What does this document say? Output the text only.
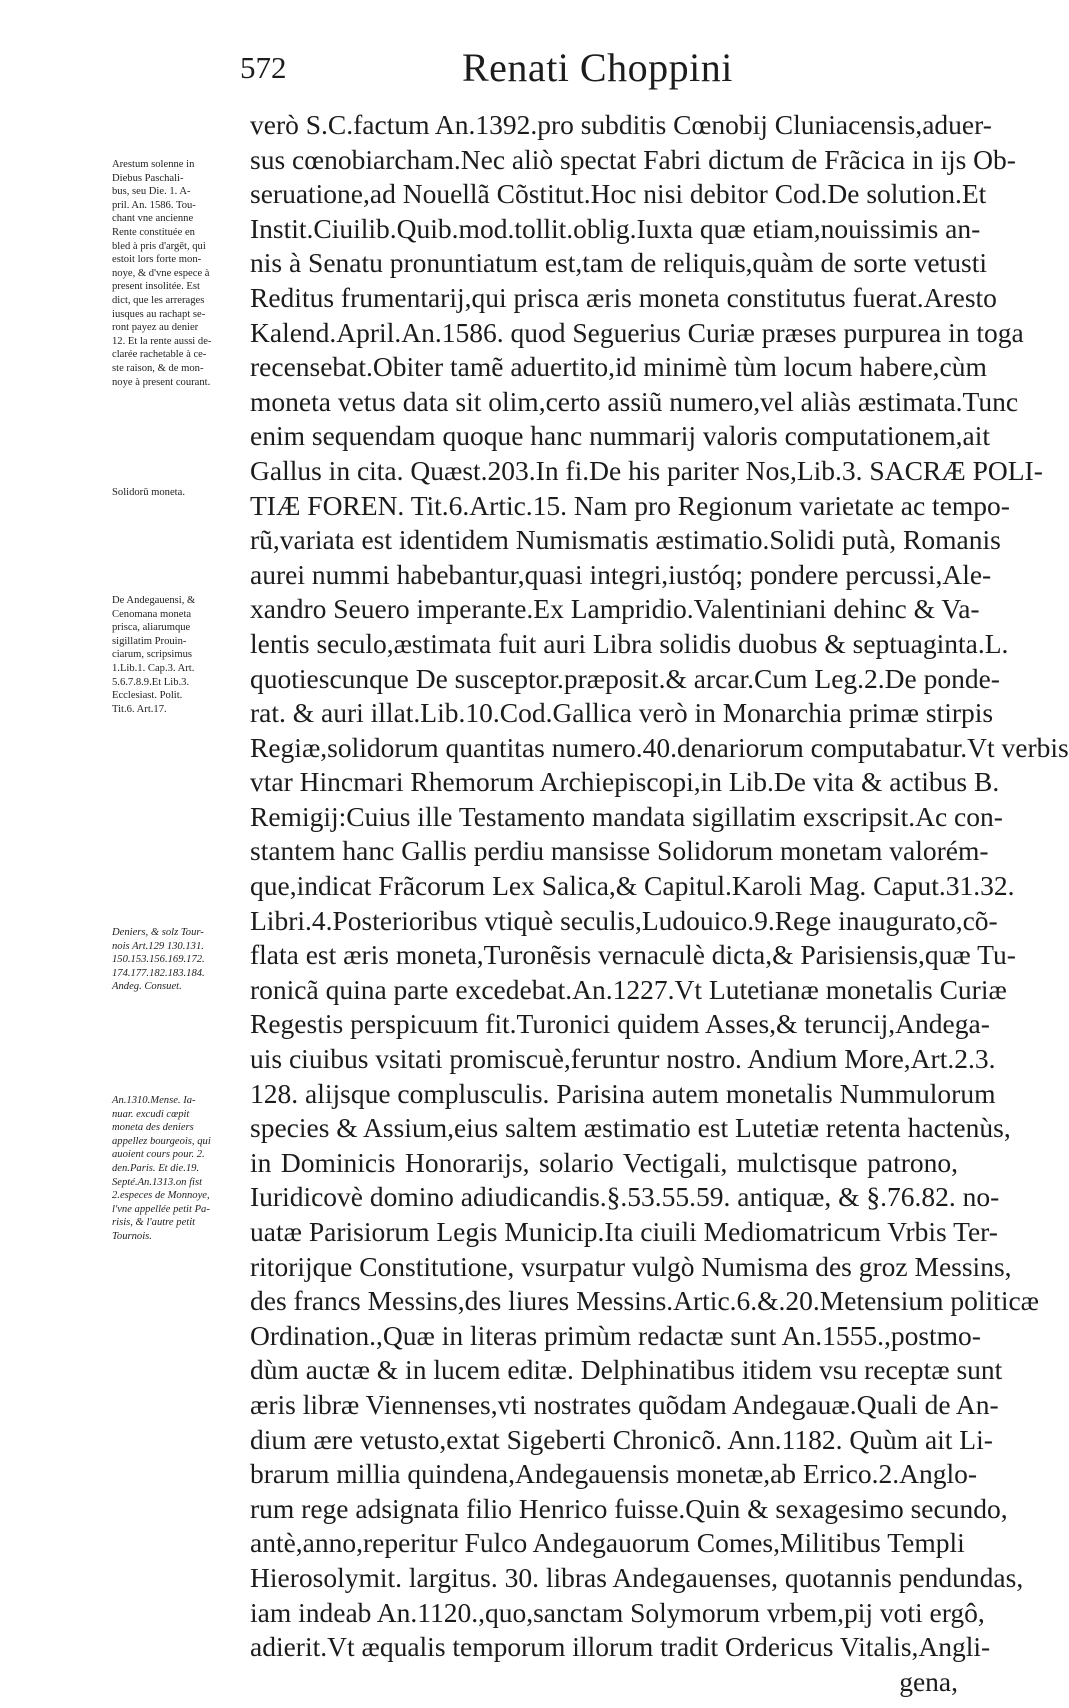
572	Renati Choppini
Arestum solenne in
Diebus Paschali-
bus, seu Die. 1. A-
pril. An. 1586. Tou-
chant vne ancienne
Rente constituée en
bled à pris d'argēt, qui
estoit lors forte mon-
noye, & d'vne espece à
present insolitée. Est
dict, que les arrerages
iusques au rachapt se-
ront payez au denier
12. Et la rente aussi de-
clarée rachetable à ce-
ste raison, & de mon-
noye à present courant.
Solidorū moneta.
De Andegauensi, &
Cenomana moneta
prisca, aliarumque
sigillatim Prouin-
ciarum, scripsimus
1.Lib.1. Cap.3. Art.
5.6.7.8.9.Et Lib.3.
Ecclesiast. Polit.
Tit.6. Art.17.
Deniers, & solz Tour-
nois Art.129 130.131.
150.153.156.169.172.
174.177.182.183.184.
Andeg. Consuet.
An.1310.Mense. Ia-
nuar. excudi cœpit
moneta des deniers
appellez bourgeois, qui
auoient cours pour. 2.
den.Paris. Et die.19.
Septé.An.1313.on fist
2.especes de Monnoye,
l'vne appellée petit Pa-
risis, & l'autre petit
Tournois.
verò S.C.factum An.1392.pro subditis Cœnobij Cluniacensis,aduer-
sus cœnobiarcham.Nec aliò spectat Fabri dictum de Frãcica in ijs Ob-
seruatione,ad Nouellã Cõstitut.Hoc nisi debitor Cod.De solution.Et
Instit.Ciuilib.Quib.mod.tollit.oblig.Iuxta quæ etiam,nouissimis an-
nis à Senatu pronuntiatum est,tam de reliquis,quàm de sorte vetusti
Reditus frumentarij,qui prisca æris moneta constitutus fuerat.Aresto
Kalend.April.An.1586. quod Seguerius Curiæ præses purpurea in toga
recensebat.Obiter tamẽ aduertito,id minimè tùm locum habere,cùm
moneta vetus data sit olim,certo assiũ numero,vel aliàs æstimata.Tunc
enim sequendam quoque hanc nummarij valoris computationem,ait
Gallus in cita. Quæst.203.In fi.De his pariter Nos,Lib.3. SACRÆ POLI-
TIÆ FOREN. Tit.6.Artic.15. Nam pro Regionum varietate ac tempo-
rũ,variata est identidem Numismatis æstimatio.Solidi putà, Romanis
aurei nummi habebantur,quasi integri,iustóq; pondere percussi,Ale-
xandro Seuero imperante.Ex Lampridio.Valentiniani dehinc & Va-
lentis seculo,æstimata fuit auri Libra solidis duobus & septuaginta.L.
quotiescunque De susceptor.præposit.& arcar.Cum Leg.2.De ponde-
rat. & auri illat.Lib.10.Cod.Gallica verò in Monarchia primæ stirpis
Regiæ,solidorum quantitas numero.40.denariorum computabatur.Vt verbis
vtar Hincmari Rhemorum Archiepiscopi,in Lib.De vita & actibus B.
Remigij:Cuius ille Testamento mandata sigillatim exscripsit.Ac con-
stantem hanc Gallis perdiu mansisse Solidorum monetam valorém-
que,indicat Frãcorum Lex Salica,& Capitul.Karoli Mag. Caput.31.32.
Libri.4.Posterioribus vtiquè seculis,Ludouico.9.Rege inaugurato,cõ-
flata est æris moneta,Turonẽsis vernaculè dicta,& Parisiensis,quæ Tu-
ronicã quina parte excedebat.An.1227.Vt Lutetianæ monetalis Curiæ
Regestis perspicuum fit.Turonici quidem Asses,& teruncij,Andega-
uis ciuibus vsitati promiscuè,feruntur nostro. Andium More,Art.2.3.
128. alijsque complusculis. Parisina autem monetalis Nummulorum
species & Assium,eius saltem æstimatio est Lutetiæ retenta hactenùs,
in Dominicis Honorarijs, solario Vectigali, mulctisque patrono,
Iuridicovè domino adiudicandis.§.53.55.59. antiquæ, & §.76.82. no-
uatæ Parisiorum Legis Municip.Ita ciuili Mediomatricum Vrbis Ter-
ritorijque Constitutione, vsurpatur vulgò Numisma des groz Messins,
des francs Messins,des liures Messins.Artic.6.&.20.Metensium politicæ
Ordination.,Quæ in literas primùm redactæ sunt An.1555.,postmo-
dùm auctæ & in lucem editæ. Delphinatibus itidem vsu receptæ sunt
æris libræ Viennenses,vti nostrates quõdam Andegauæ.Quali de An-
dium ære vetusto,extat Sigeberti Chronicõ. Ann.1182. Quùm ait Li-
brarum millia quindena,Andegauensis monetæ,ab Errico.2.Anglo-
rum rege adsignata filio Henrico fuisse.Quin & sexagesimo secundo,
antè,anno,reperitur Fulco Andegauorum Comes,Militibus Templi
Hierosolymit. largitus. 30. libras Andegauenses, quotannis pendundas,
iam indeab An.1120.,quo,sanctam Solymorum vrbem,pij voti ergô,
adierit.Vt æqualis temporum illorum tradit Ordericus Vitalis,Angli-
gena,
